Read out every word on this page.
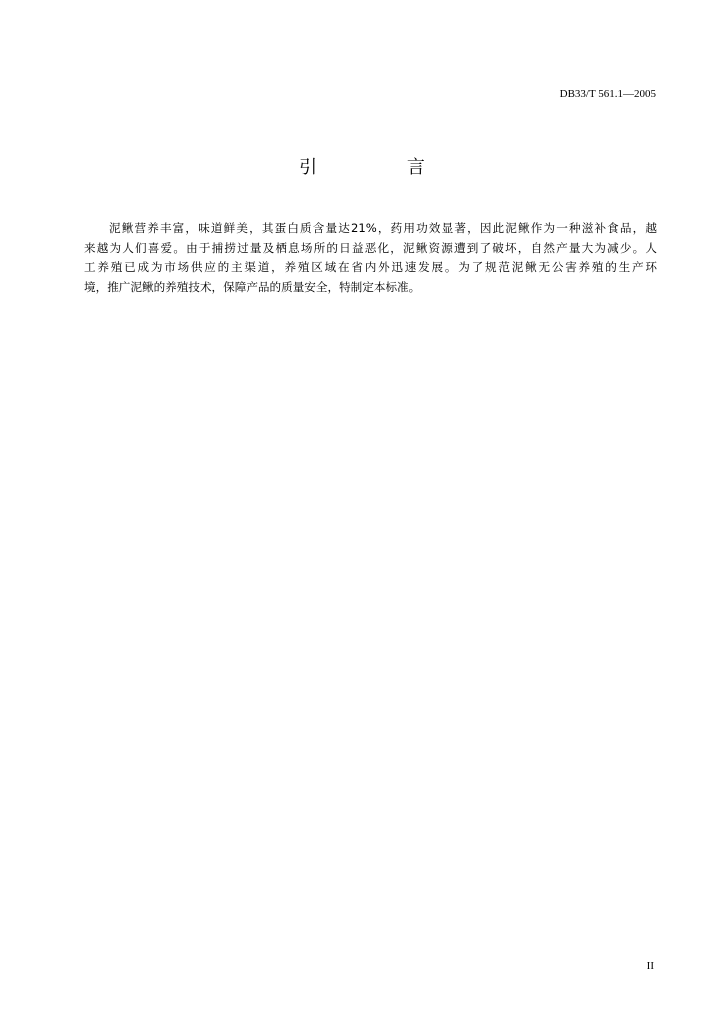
DB33/T 561.1—2005
引 言

泥鳅营养丰富，味道鲜美，其蛋白质含量达21%，药用功效显著，因此泥鳅作为一种滋补食品，越
来越为人们喜爱。由于捕捞过量及栖息场所的日益恶化，泥鳅资源遭到了破坏，自然产量大为减少。人
工养殖已成为市场供应的主渠道，养殖区域在省内外迅速发展。为了规范泥鳅无公害养殖的生产环
境，推广泥鳅的养殖技术，保障产品的质量安全，特制定本标准。

II
